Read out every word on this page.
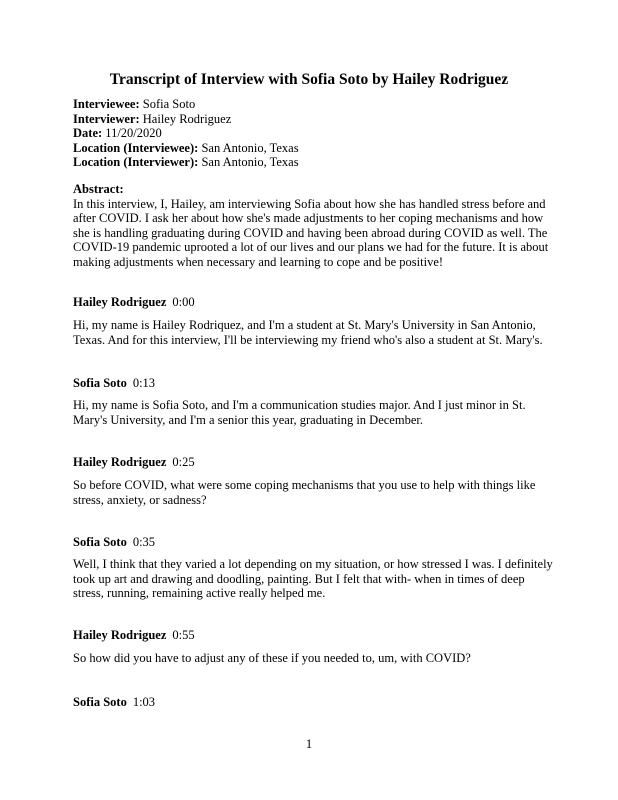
Transcript of Interview with Sofia Soto by Hailey Rodriguez
Interviewee: Sofia Soto
Interviewer: Hailey Rodriguez
Date: 11/20/2020
Location (Interviewee): San Antonio, Texas
Location (Interviewer): San Antonio, Texas
Abstract:
In this interview, I, Hailey, am interviewing Sofia about how she has handled stress before and after COVID. I ask her about how she's made adjustments to her coping mechanisms and how she is handling graduating during COVID and having been abroad during COVID as well. The COVID-19 pandemic uprooted a lot of our lives and our plans we had for the future. It is about making adjustments when necessary and learning to cope and be positive!
Hailey Rodriguez 0:00
Hi, my name is Hailey Rodriquez, and I'm a student at St. Mary's University in San Antonio, Texas. And for this interview, I'll be interviewing my friend who's also a student at St. Mary's.
Sofia Soto 0:13
Hi, my name is Sofia Soto, and I'm a communication studies major. And I just minor in St. Mary's University, and I'm a senior this year, graduating in December.
Hailey Rodriguez 0:25
So before COVID, what were some coping mechanisms that you use to help with things like stress, anxiety, or sadness?
Sofia Soto 0:35
Well, I think that they varied a lot depending on my situation, or how stressed I was. I definitely took up art and drawing and doodling, painting. But I felt that with- when in times of deep stress, running, remaining active really helped me.
Hailey Rodriguez 0:55
So how did you have to adjust any of these if you needed to, um, with COVID?
Sofia Soto 1:03
1
